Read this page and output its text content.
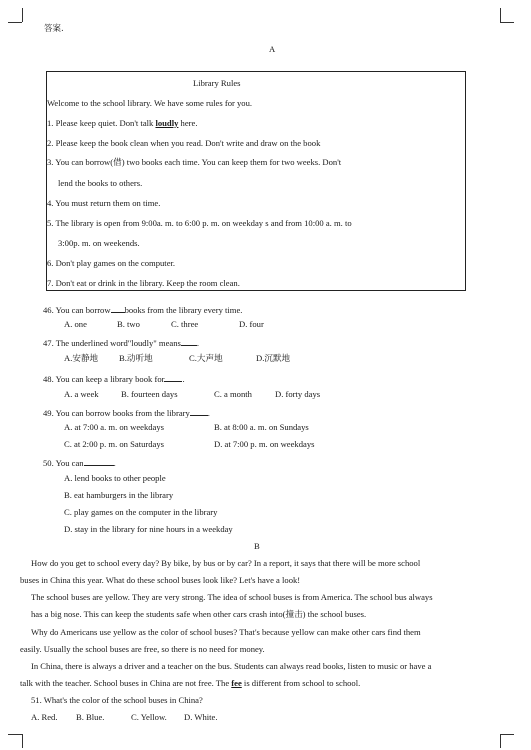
答案.
A
Library Rules
Welcome to the school library. We have some rules for you.
1. Please keep quiet. Don't talk loudly here.
2. Please keep the book clean when you read. Don't write and draw on the book
3. You can borrow(借) two books each time. You can keep them for two weeks. Don't
lend the books to others.
4. You must return them on time.
5. The library is open from 9:00a. m. to 6:00 p. m. on weekday s and from 10:00 a. m. to
3:00p. m. on weekends.
6. Don't play games on the computer.
7. Don't eat or drink in the library. Keep the room clean.
46. You can borrow books from the library every time.
A. one	B. two	C. three	D. four
47. The underlined word"loudly" means .
A.安静地 B.动听地	C.大声地	D.沉默地
48. You can keep a library book for .
A. a week	B. fourteen days	C. a month	D. forty days
49. You can borrow books from the library .
A. at 7:00 a. m. on weekdays	B. at 8:00 a. m. on Sundays
C. at 2:00 p. m. on Saturdays	D. at 7:00 p. m. on weekdays
50. You can	.
A. lend books to other people
B. eat hamburgers in the library
C. play games on the computer in the library
D. stay in the library for nine hours in a weekday
B
How do you get to school every day? By bike, by bus or by car? In a report, it says that there will be more school
buses in China this year. What do these school buses look like? Let's have a look!
The school buses are yellow. They are very strong. The idea of school buses is from America. The school bus always
has a big nose. This can keep the students safe when other cars crash into(撞击) the school buses.
Why do Americans use yellow as the color of school buses? That's because yellow can make other cars find them
easily. Usually the school buses are free, so there is no need for money.
In China, there is always a driver and a teacher on the bus. Students can always read books, listen to music or have a
talk with the teacher. School buses in China are not free. The fee is different from school to school.
51. What's the color of the school buses in China?
A. Red. B. Blue.	C. Yellow. D. White.
